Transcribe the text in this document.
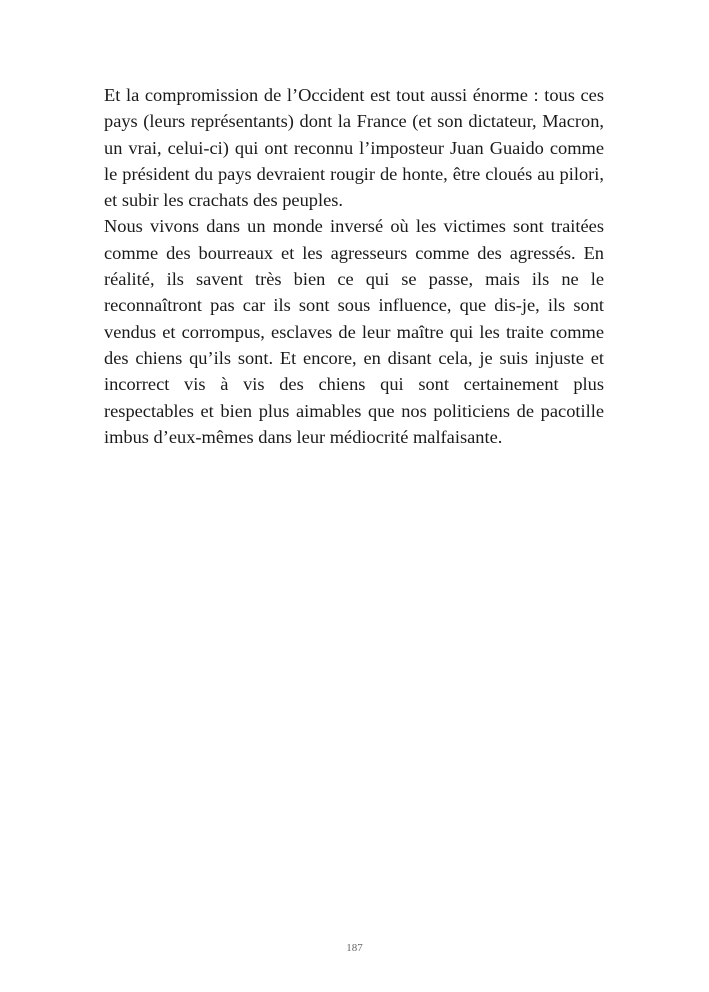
Et la compromission de l’Occident est tout aussi énorme : tous ces pays (leurs représentants) dont la France (et son dictateur, Macron, un vrai, celui-ci) qui ont reconnu l’imposteur Juan Guaido comme le président du pays devraient rougir de honte, être cloués au pilori, et subir les crachats des peuples.

Nous vivons dans un monde inversé où les victimes sont traitées comme des bourreaux et les agresseurs comme des agressés. En réalité, ils savent très bien ce qui se passe, mais ils ne le reconnaîtront pas car ils sont sous influence, que dis-je, ils sont vendus et corrompus, esclaves de leur maître qui les traite comme des chiens qu’ils sont. Et encore, en disant cela, je suis injuste et incorrect vis à vis des chiens qui sont certainement plus respectables et bien plus aimables que nos politiciens de pacotille imbus d’eux-mêmes dans leur médiocrité malfaisante.

187
